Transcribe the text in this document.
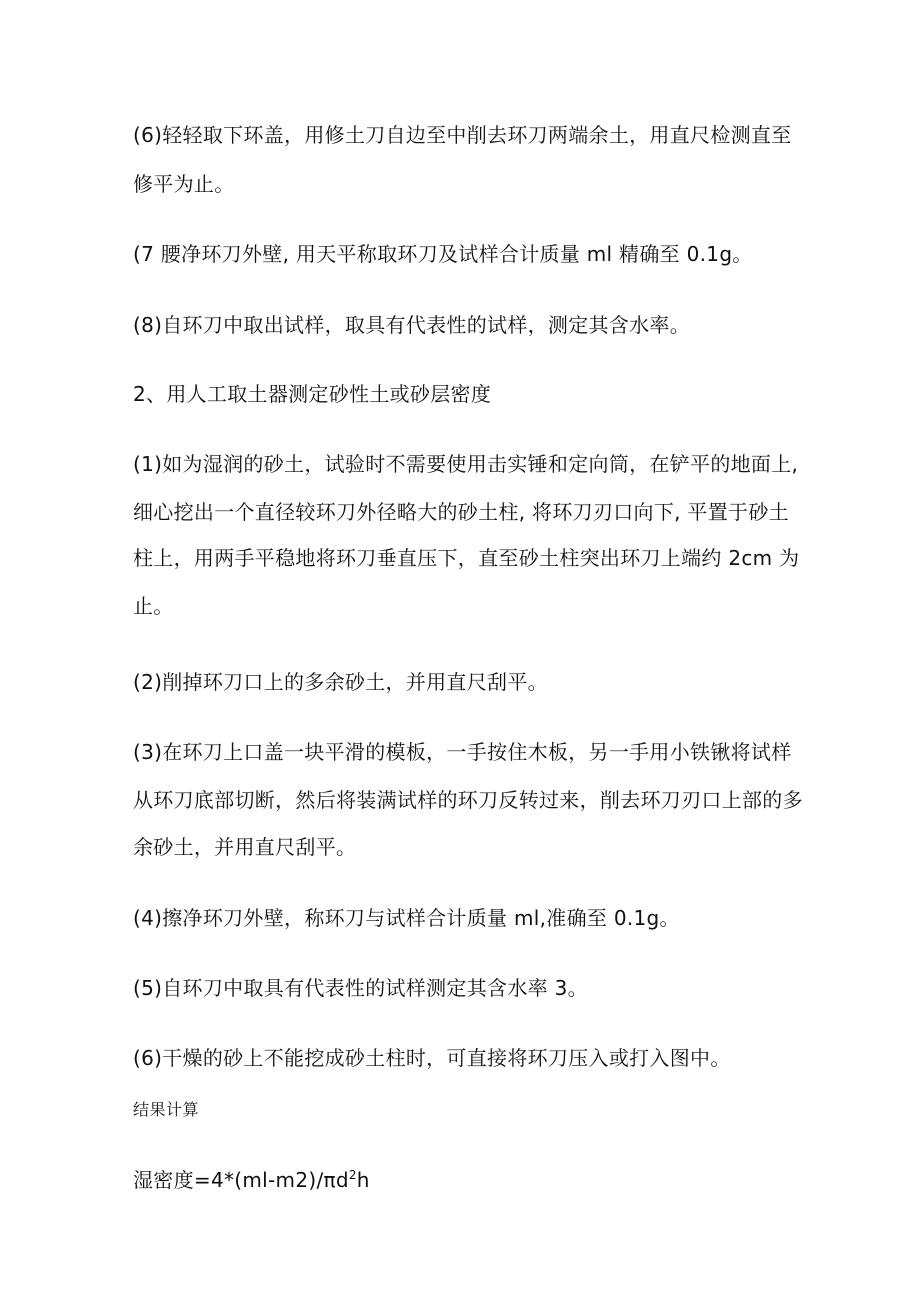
(6)轻轻取下环盖，用修土刀自边至中削去环刀两端余土，用直尺检测直至
修平为止。
(7 腰净环刀外壁, 用天平称取环刀及试样合计质量 ml 精确至 0.1g。
(8)自环刀中取出试样，取具有代表性的试样，测定其含水率。
2、用人工取土器测定砂性土或砂层密度
(1)如为湿润的砂土，试验时不需要使用击实锤和定向筒，在铲平的地面上,
细心挖出一个直径较环刀外径略大的砂土柱, 将环刀刃口向下, 平置于砂土
柱上，用两手平稳地将环刀垂直压下，直至砂土柱突出环刀上端约 2cm 为
止。
(2)削掉环刀口上的多余砂土，并用直尺刮平。
(3)在环刀上口盖一块平滑的模板，一手按住木板，另一手用小铁锹将试样
从环刀底部切断，然后将装满试样的环刀反转过来，削去环刀刃口上部的多
余砂土，并用直尺刮平。
(4)擦净环刀外壁，称环刀与试样合计质量 ml,准确至 0.1g。
(5)自环刀中取具有代表性的试样测定其含水率 3。
(6)干燥的砂上不能挖成砂土柱时，可直接将环刀压入或打入图中。
结果计算
湿密度$=4*(ml-m2)∕\pi d^2h$
